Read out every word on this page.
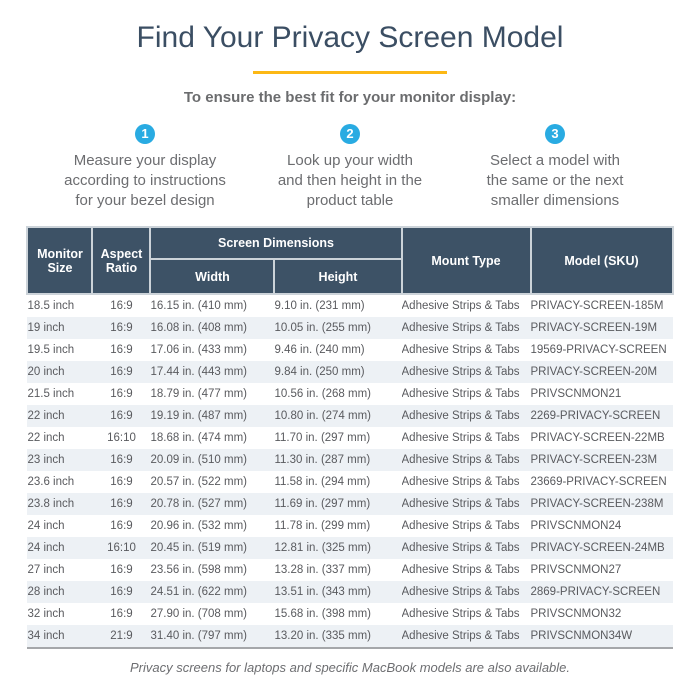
Find Your Privacy Screen Model

To ensure the best fit for your monitor display:

1
Measure your display
according to instructions
for your bezel design
2
Look up your width
and then height in the
product table
3
Select a model with
the same or the next
smaller dimensions
Monitor Size	Aspect Ratio	Screen Dimensions		Mount Type	Model (SKU)
		Width	Height		
18.5 inch	16:9	16.15 in. (410 mm)	9.10 in. (231 mm)	Adhesive Strips & Tabs	PRIVACY-SCREEN-185M
19 inch	16:9	16.08 in. (408 mm)	10.05 in. (255 mm)	Adhesive Strips & Tabs	PRIVACY-SCREEN-19M
19.5 inch	16:9	17.06 in. (433 mm)	9.46 in. (240 mm)	Adhesive Strips & Tabs	19569-PRIVACY-SCREEN
20 inch	16:9	17.44 in. (443 mm)	9.84 in. (250 mm)	Adhesive Strips & Tabs	PRIVACY-SCREEN-20M
21.5 inch	16:9	18.79 in. (477 mm)	10.56 in. (268 mm)	Adhesive Strips & Tabs	PRIVSCNMON21
22 inch	16:9	19.19 in. (487 mm)	10.80 in. (274 mm)	Adhesive Strips & Tabs	2269-PRIVACY-SCREEN
22 inch	16:10	18.68 in. (474 mm)	11.70 in. (297 mm)	Adhesive Strips & Tabs	PRIVACY-SCREEN-22MB
23 inch	16:9	20.09 in. (510 mm)	11.30 in. (287 mm)	Adhesive Strips & Tabs	PRIVACY-SCREEN-23M
23.6 inch	16:9	20.57 in. (522 mm)	11.58 in. (294 mm)	Adhesive Strips & Tabs	23669-PRIVACY-SCREEN
23.8 inch	16:9	20.78 in. (527 mm)	11.69 in. (297 mm)	Adhesive Strips & Tabs	PRIVACY-SCREEN-238M
24 inch	16:9	20.96 in. (532 mm)	11.78 in. (299 mm)	Adhesive Strips & Tabs	PRIVSCNMON24
24 inch	16:10	20.45 in. (519 mm)	12.81 in. (325 mm)	Adhesive Strips & Tabs	PRIVACY-SCREEN-24MB
27 inch	16:9	23.56 in. (598 mm)	13.28 in. (337 mm)	Adhesive Strips & Tabs	PRIVSCNMON27
28 inch	16:9	24.51 in. (622 mm)	13.51 in. (343 mm)	Adhesive Strips & Tabs	2869-PRIVACY-SCREEN
32 inch	16:9	27.90 in. (708 mm)	15.68 in. (398 mm)	Adhesive Strips & Tabs	PRIVSCNMON32
34 inch	21:9	31.40 in. (797 mm)	13.20 in. (335 mm)	Adhesive Strips & Tabs	PRIVSCNMON34W

Privacy screens for laptops and specific MacBook models are also available.
